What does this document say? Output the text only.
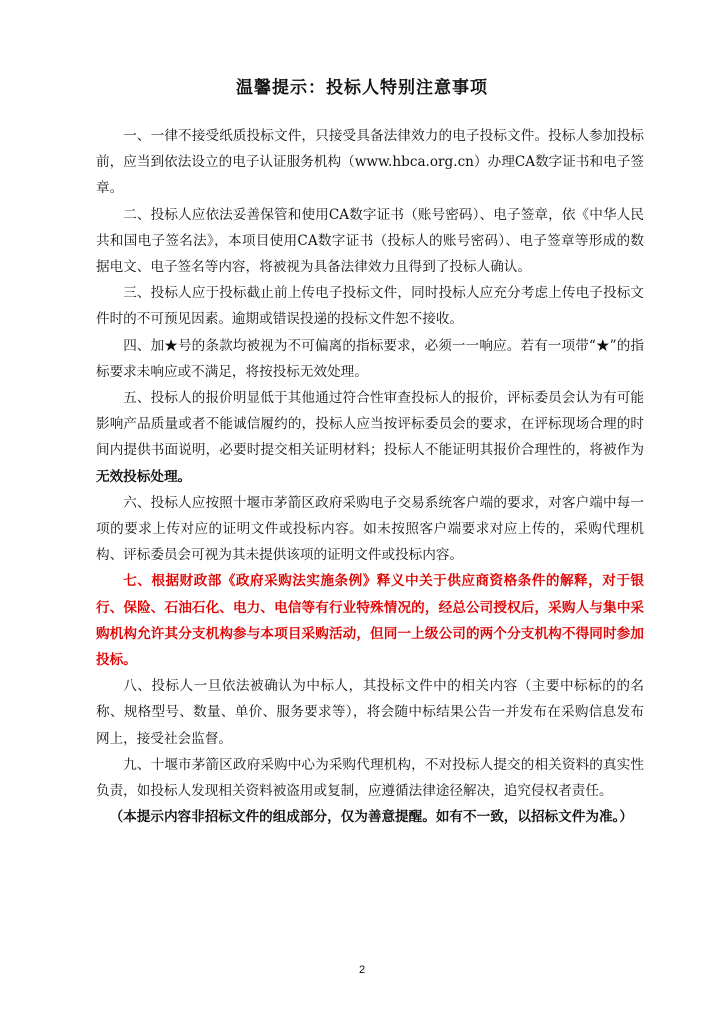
温馨提示：投标人特别注意事项

一、一律不接受纸质投标文件，只接受具备法律效力的电子投标文件。投标人参加投标前，应当到依法设立的电子认证服务机构（www.hbca.org.cn）办理CA数字证书和电子签章。

二、投标人应依法妥善保管和使用CA数字证书（账号密码）、电子签章，依《中华人民共和国电子签名法》，本项目使用CA数字证书（投标人的账号密码）、电子签章等形成的数据电文、电子签名等内容，将被视为具备法律效力且得到了投标人确认。

三、投标人应于投标截止前上传电子投标文件，同时投标人应充分考虑上传电子投标文件时的不可预见因素。逾期或错误投递的投标文件恕不接收。

四、加★号的条款均被视为不可偏离的指标要求，必须一一响应。若有一项带“★”的指标要求未响应或不满足，将按投标无效处理。

五、投标人的报价明显低于其他通过符合性审查投标人的报价，评标委员会认为有可能影响产品质量或者不能诚信履约的，投标人应当按评标委员会的要求，在评标现场合理的时间内提供书面说明，必要时提交相关证明材料；投标人不能证明其报价合理性的，将被作为无效投标处理。

六、投标人应按照十堰市茅箭区政府采购电子交易系统客户端的要求，对客户端中每一项的要求上传对应的证明文件或投标内容。如未按照客户端要求对应上传的，采购代理机构、评标委员会可视为其未提供该项的证明文件或投标内容。

七、根据财政部《政府采购法实施条例》释义中关于供应商资格条件的解释，对于银行、保险、石油石化、电力、电信等有行业特殊情况的，经总公司授权后，采购人与集中采购机构允许其分支机构参与本项目采购活动，但同一上级公司的两个分支机构不得同时参加投标。

八、投标人一旦依法被确认为中标人，其投标文件中的相关内容（主要中标标的的名称、规格型号、数量、单价、服务要求等），将会随中标结果公告一并发布在采购信息发布网上，接受社会监督。

九、十堰市茅箭区政府采购中心为采购代理机构，不对投标人提交的相关资料的真实性负责，如投标人发现相关资料被盗用或复制，应遵循法律途径解决，追究侵权者责任。

（本提示内容非招标文件的组成部分，仅为善意提醒。如有不一致，以招标文件为准。）

2
